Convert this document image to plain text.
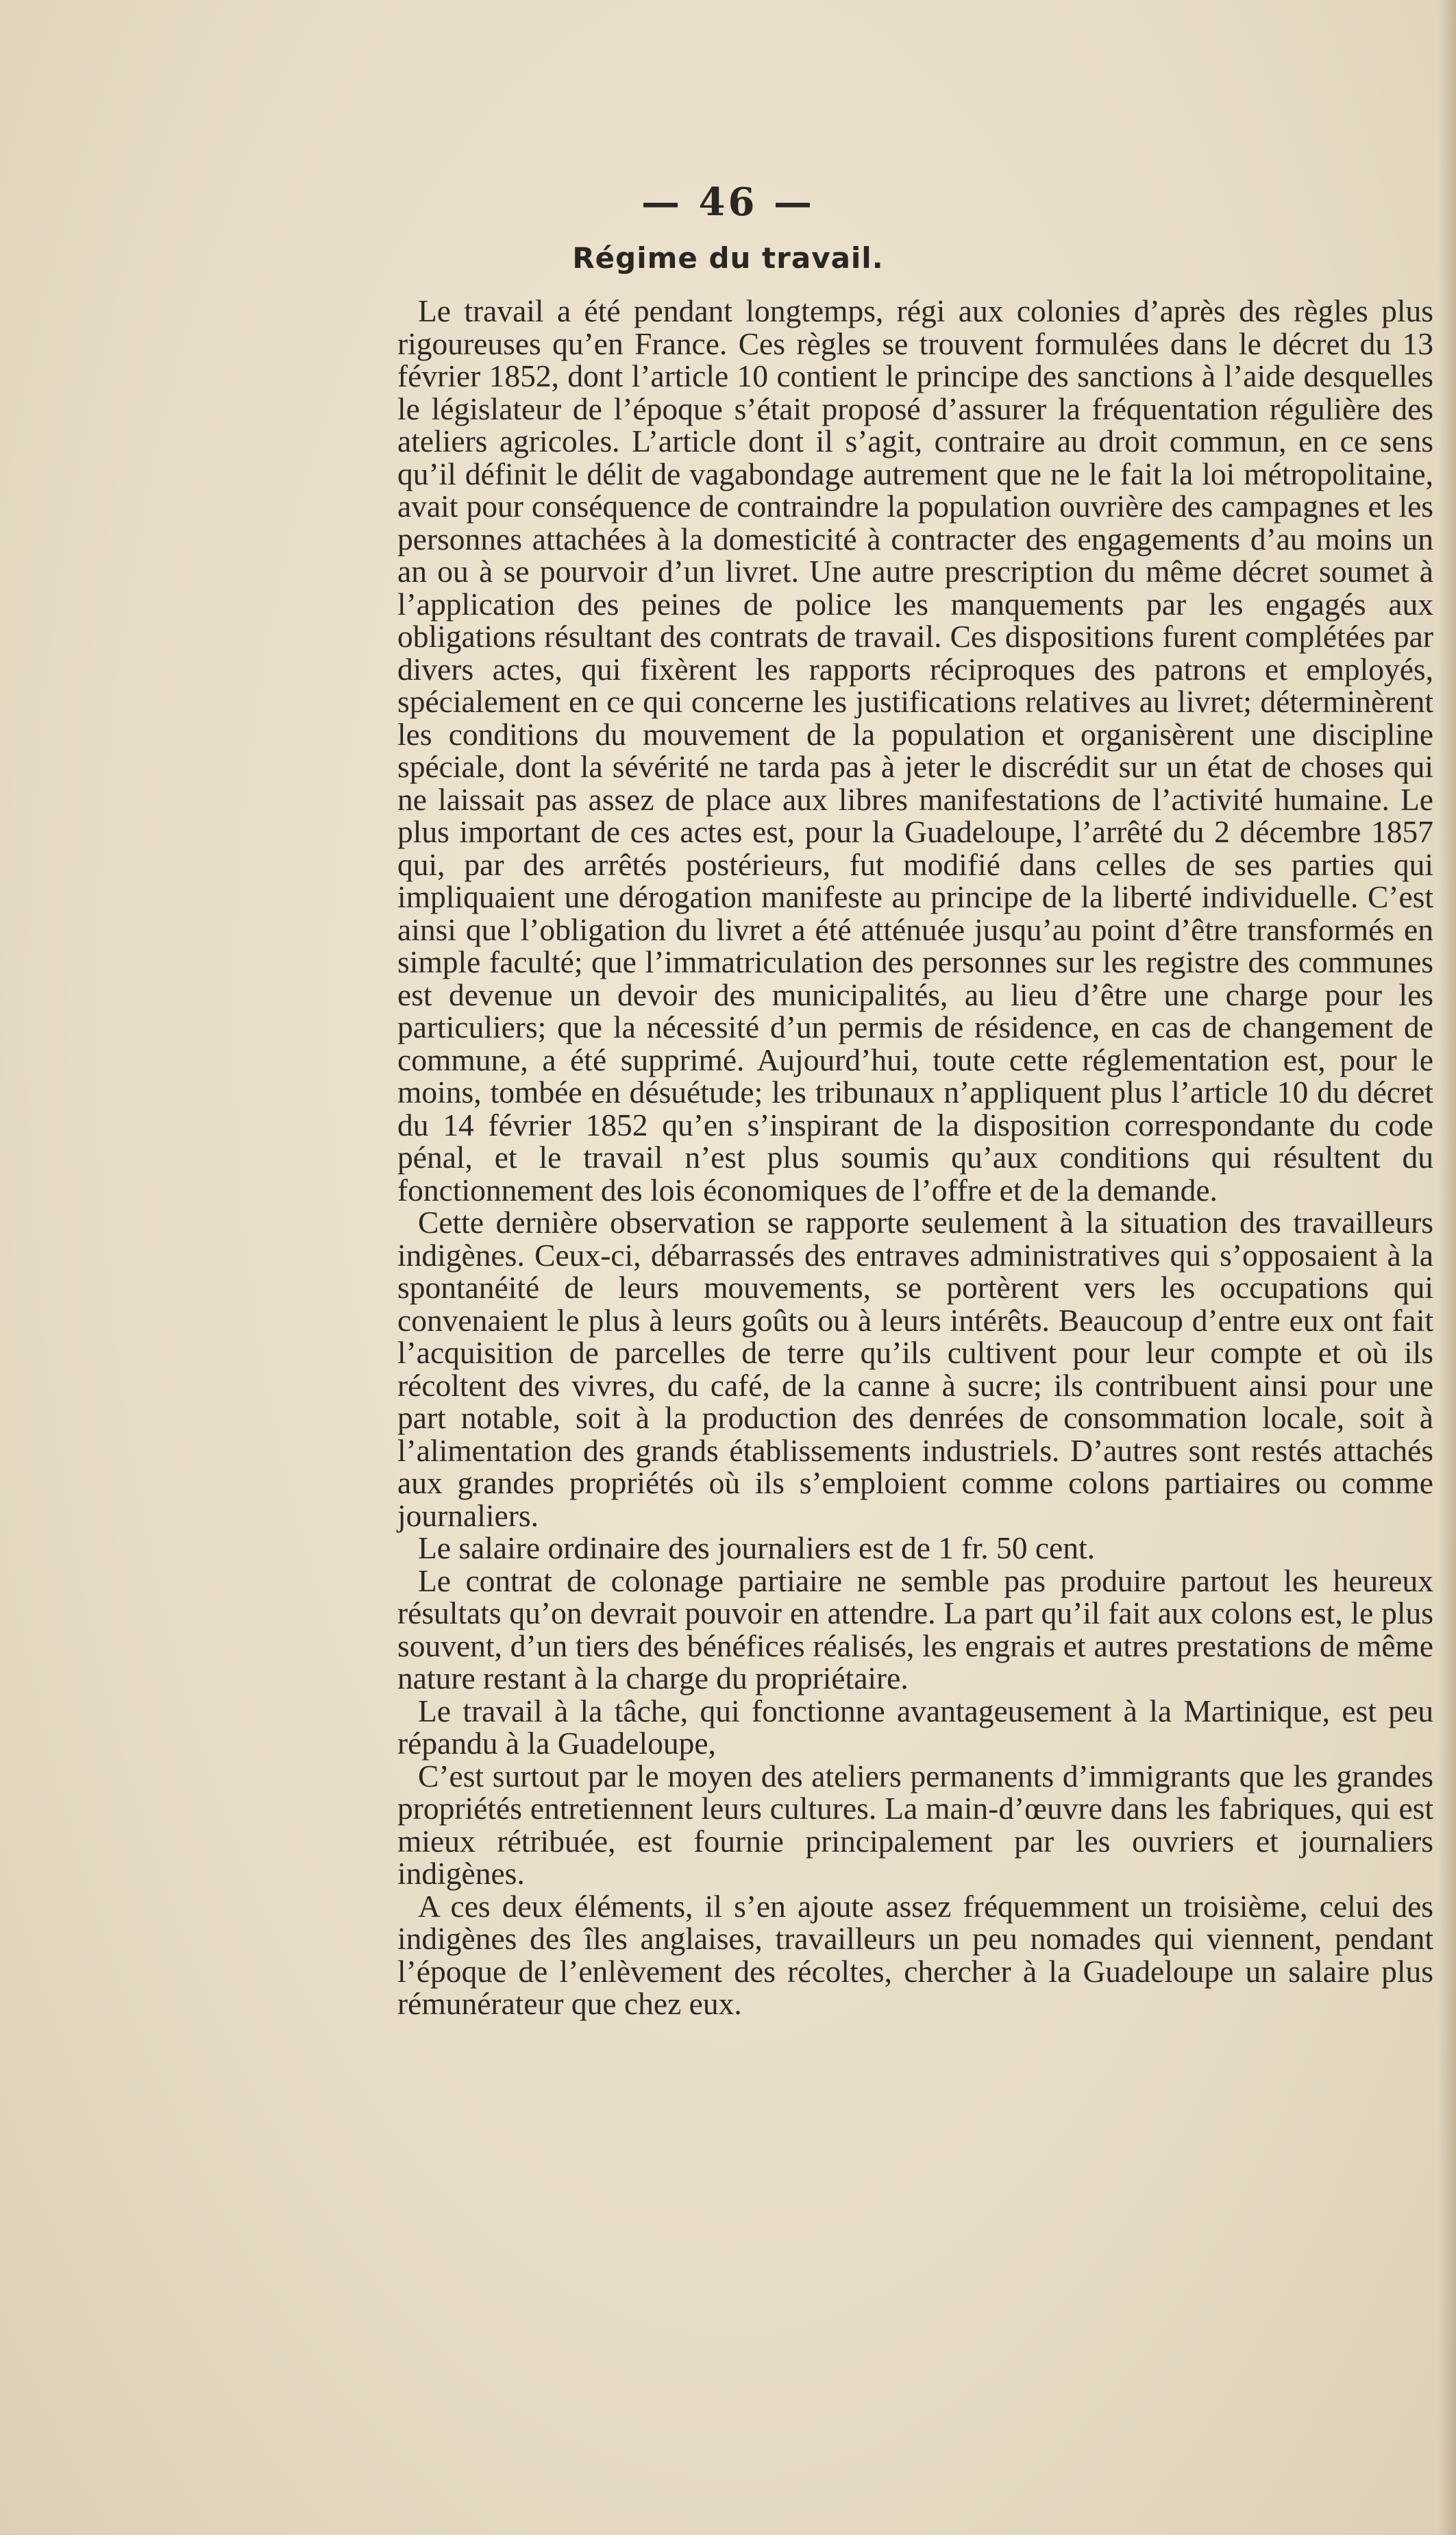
— 46 —
Régime du travail.

Le travail a été pendant longtemps, régi aux colonies d’après des règles plus rigoureuses qu’en France. Ces règles se trouvent formulées dans le décret du 13 février 1852, dont l’article 10 contient le principe des sanctions à l’aide desquelles le législateur de l’époque s’était proposé d’assurer la fréquentation régulière des ateliers agricoles. L’article dont il s’agit, contraire au droit commun, en ce sens qu’il définit le délit de vagabondage autrement que ne le fait la loi métropolitaine, avait pour conséquence de contraindre la population ouvrière des campagnes et les personnes attachées à la domesticité à contracter des engagements d’au moins un an ou à se pourvoir d’un livret. Une autre prescription du même décret soumet à l’application des peines de police les manquements par les engagés aux obligations résultant des contrats de travail. Ces dispositions furent complétées par divers actes, qui fixèrent les rapports réciproques des patrons et employés, spécialement en ce qui concerne les justifications relatives au livret; déterminèrent les conditions du mouvement de la population et organisèrent une discipline spéciale, dont la sévérité ne tarda pas à jeter le discrédit sur un état de choses qui ne laissait pas assez de place aux libres manifestations de l’activité humaine. Le plus important de ces actes est, pour la Guadeloupe, l’arrêté du 2 décembre 1857 qui, par des arrêtés postérieurs, fut modifié dans celles de ses parties qui impliquaient une dérogation manifeste au principe de la liberté individuelle. C’est ainsi que l’obligation du livret a été atténuée jusqu’au point d’être transformés en simple faculté; que l’immatriculation des personnes sur les registre des communes est devenue un devoir des municipalités, au lieu d’être une charge pour les particuliers; que la nécessité d’un permis de résidence, en cas de changement de commune, a été supprimé. Aujourd’hui, toute cette réglementation est, pour le moins, tombée en désuétude; les tribunaux n’appliquent plus l’article 10 du décret du 14 février 1852 qu’en s’inspirant de la disposition correspondante du code pénal, et le travail n’est plus soumis qu’aux conditions qui résultent du fonctionnement des lois économiques de l’offre et de la demande.

Cette dernière observation se rapporte seulement à la situation des travailleurs indigènes. Ceux-ci, débarrassés des entraves administratives qui s’opposaient à la spontanéité de leurs mouvements, se portèrent vers les occupations qui convenaient le plus à leurs goûts ou à leurs intérêts. Beaucoup d’entre eux ont fait l’acquisition de parcelles de terre qu’ils cultivent pour leur compte et où ils récoltent des vivres, du café, de la canne à sucre; ils contribuent ainsi pour une part notable, soit à la production des denrées de consommation locale, soit à l’alimentation des grands établissements industriels. D’autres sont restés attachés aux grandes propriétés où ils s’emploient comme colons partiaires ou comme journaliers.

Le salaire ordinaire des journaliers est de 1 fr. 50 cent.

Le contrat de colonage partiaire ne semble pas produire partout les heureux résultats qu’on devrait pouvoir en attendre. La part qu’il fait aux colons est, le plus souvent, d’un tiers des bénéfices réalisés, les engrais et autres prestations de même nature restant à la charge du propriétaire.

Le travail à la tâche, qui fonctionne avantageusement à la Martinique, est peu répandu à la Guadeloupe,

C’est surtout par le moyen des ateliers permanents d’immigrants que les grandes propriétés entretiennent leurs cultures. La main-d’œuvre dans les fabriques, qui est mieux rétribuée, est fournie principalement par les ouvriers et journaliers indigènes.

A ces deux éléments, il s’en ajoute assez fréquemment un troisième, celui des indigènes des îles anglaises, travailleurs un peu nomades qui viennent, pendant l’époque de l’enlèvement des récoltes, chercher à la Guadeloupe un salaire plus rémunérateur que chez eux.
